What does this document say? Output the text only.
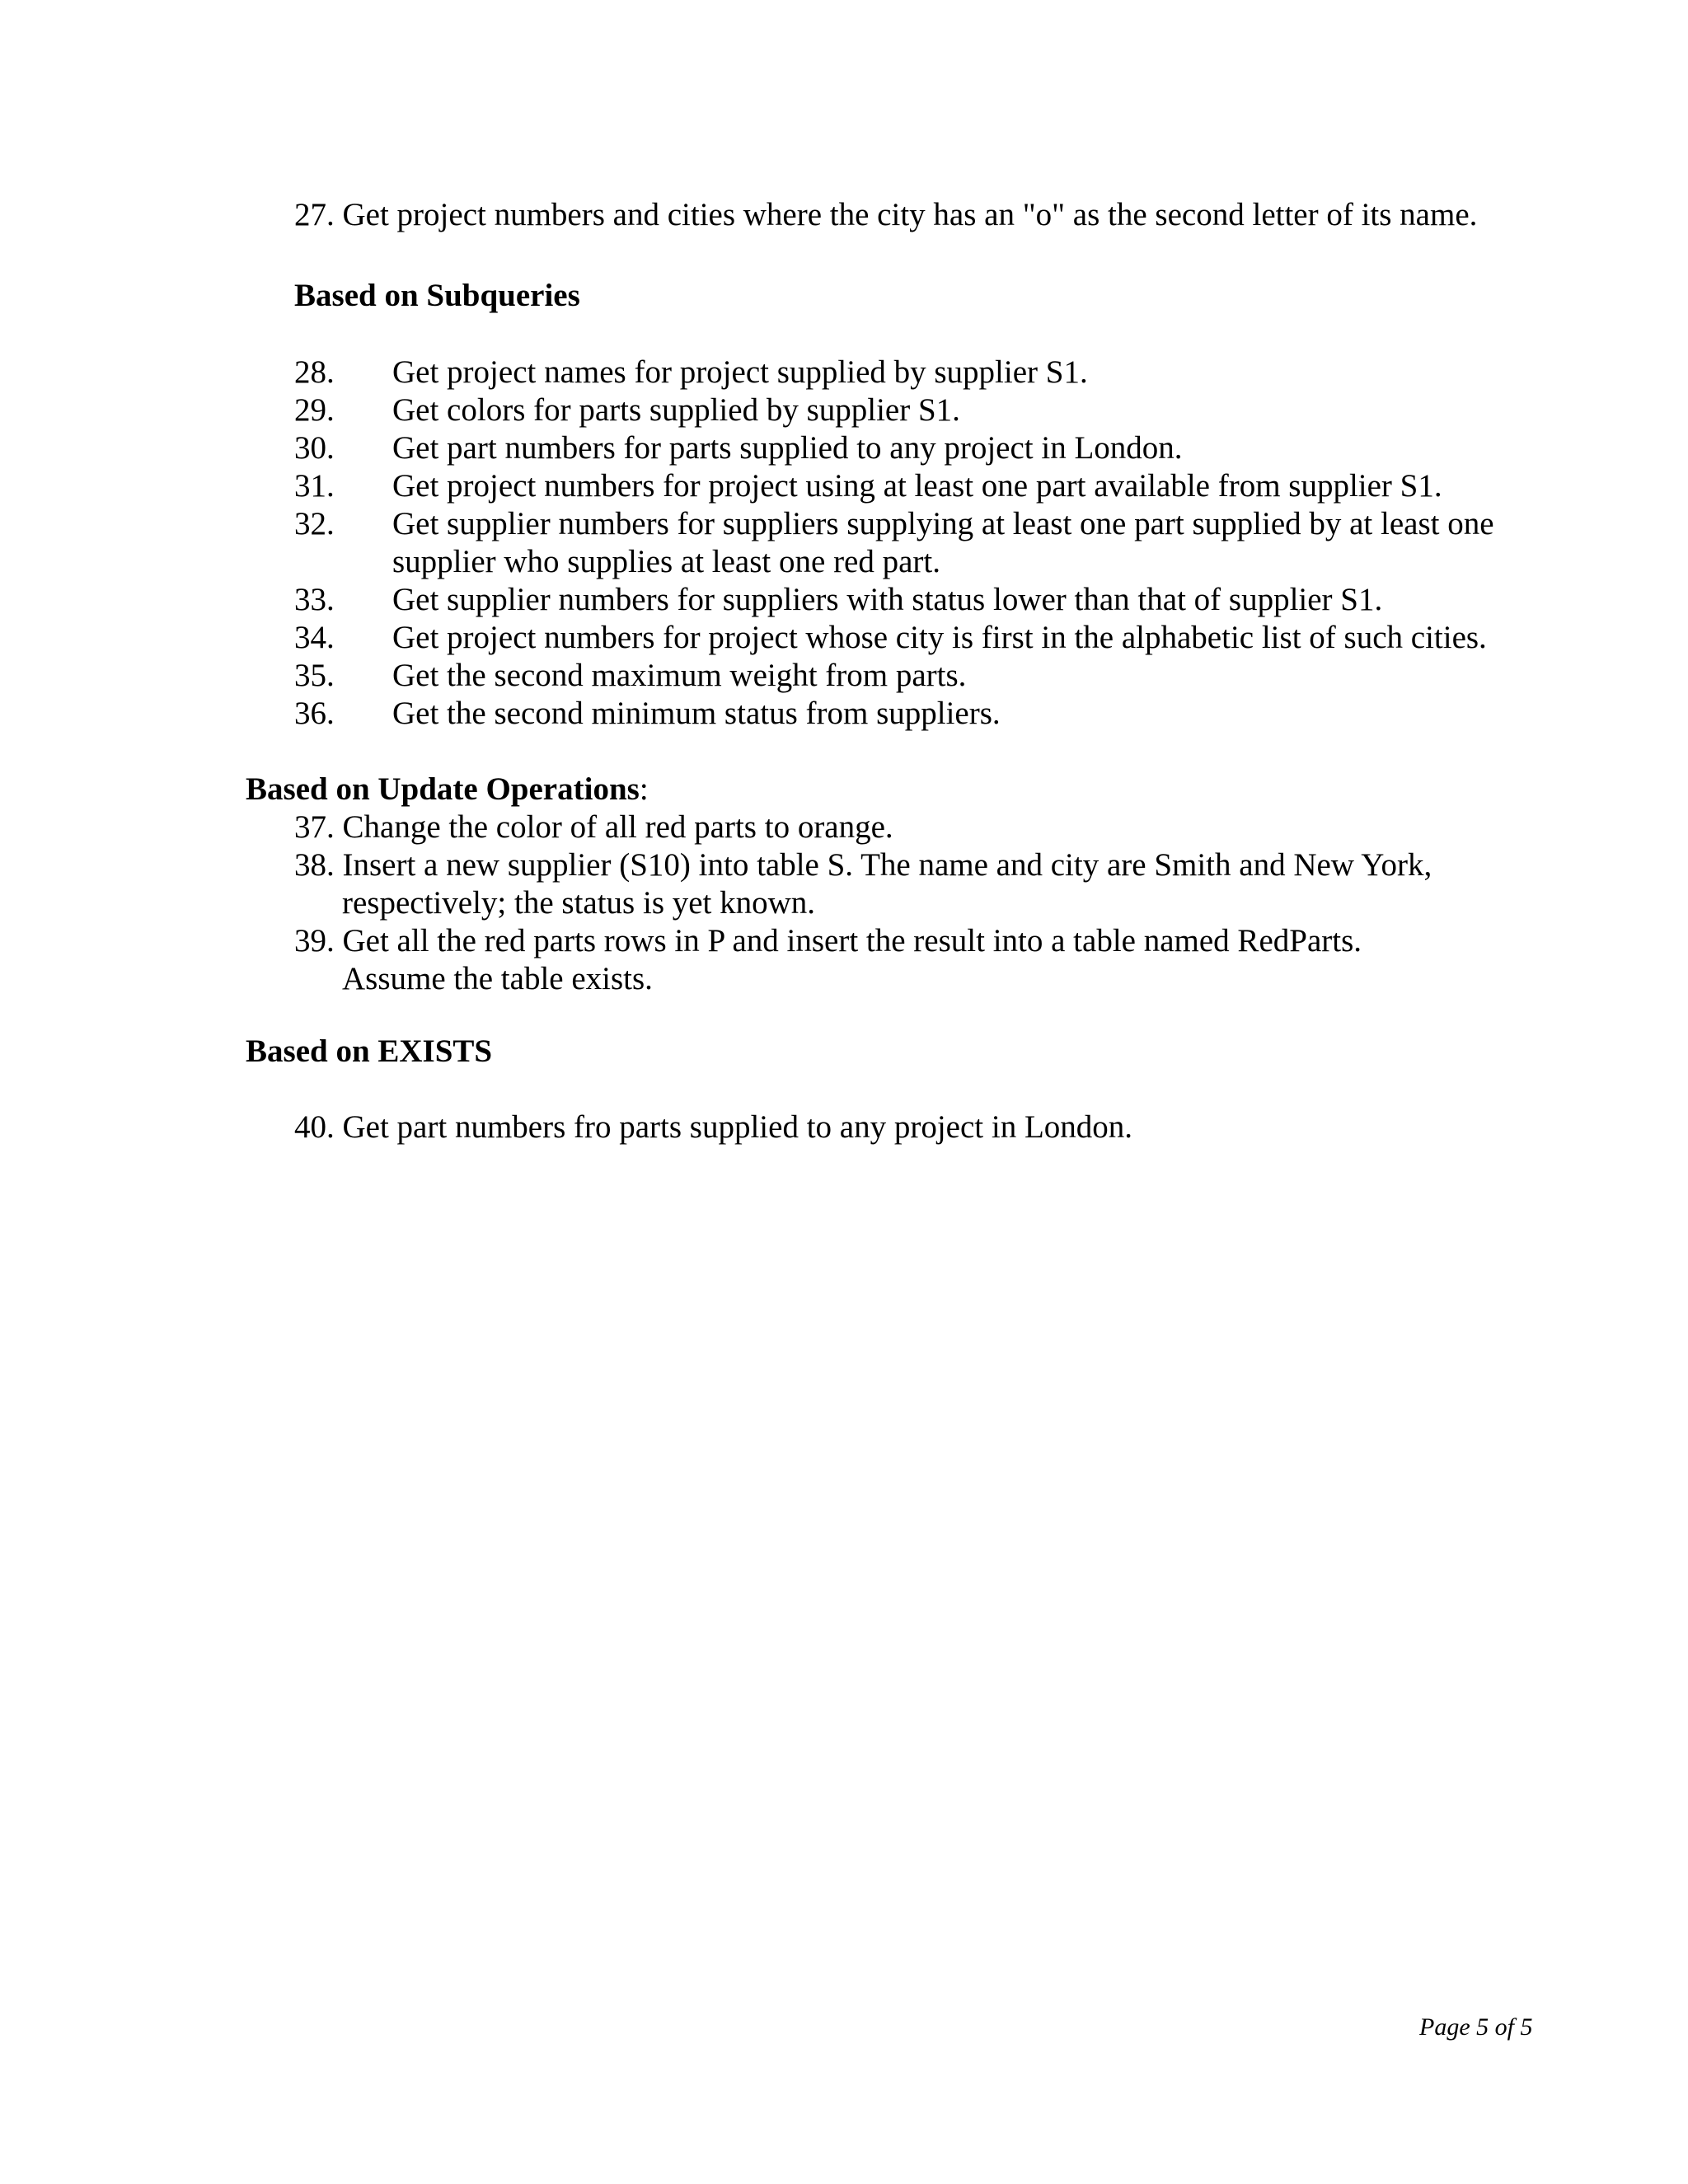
27. Get project numbers and cities where the city has an "o" as the second letter of its name.
Based on Subqueries
28. Get project names for project supplied by supplier S1.
29. Get colors for parts supplied by supplier S1.
30. Get part numbers for parts supplied to any project in London.
31. Get project numbers for project using at least one part available from supplier S1.
32. Get supplier numbers for suppliers supplying at least one part supplied by at least one
supplier who supplies at least one red part.
33. Get supplier numbers for suppliers with status lower than that of supplier S1.
34. Get project numbers for project whose city is first in the alphabetic list of such cities.
35. Get the second maximum weight from parts.
36. Get the second minimum status from suppliers.
Based on Update Operations:
37. Change the color of all red parts to orange.
38. Insert a new supplier (S10) into table S. The name and city are Smith and New York,
respectively; the status is yet known.
39. Get all the red parts rows in P and insert the result into a table named RedParts.
Assume the table exists.
Based on EXISTS
40. Get part numbers fro parts supplied to any project in London.
Page 5 of 5
